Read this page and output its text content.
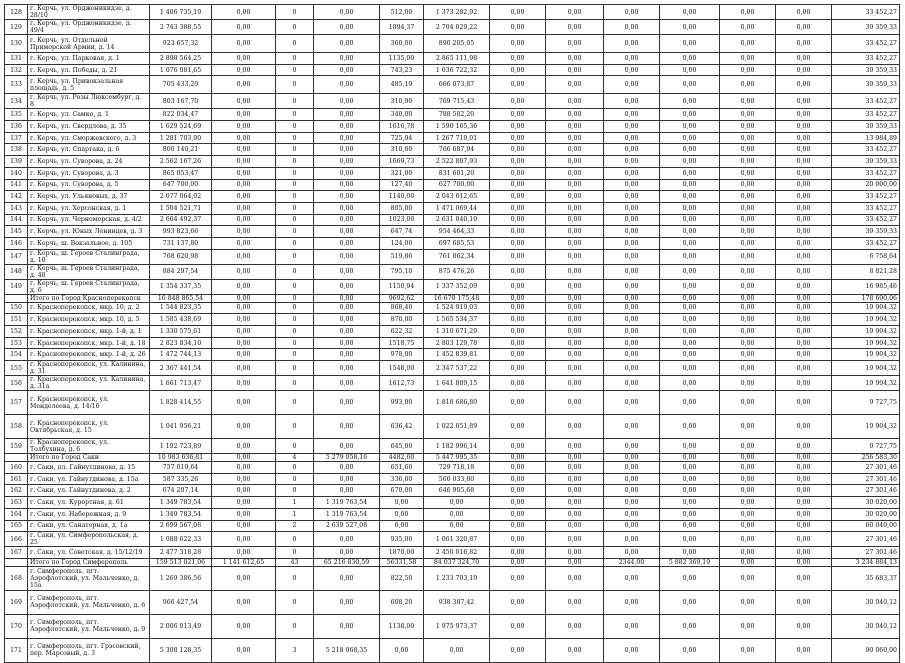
128	г. Керчь, ул. Орджоникидзе, д. 28/10	1 406 735,19	0,00	0	0,00	512,00	1 373 282,92	0,00	0,00	0,00	0,00	0,00	0,00	33 452,27
129	г. Керчь, ул. Орджоникидзе, д. 49/4	2 743 388,55	0,00	0	0,00	1894,37	2 704 029,22	0,00	0,00	0,00	0,00	0,00	0,00	39 359,33
130	г. Керчь, ул. Отдельной Приморской Армии, д. 14	923 657,32	0,00	0	0,00	360,00	890 205,05	0,00	0,00	0,00	0,00	0,00	0,00	33 452,27
131	г. Керчь, ул. Парковая, д. 1	2 898 564,25	0,00	0	0,00	1135,00	2 865 111,98	0,00	0,00	0,00	0,00	0,00	0,00	33 452,27
132	г. Керчь, ул. Победы, д. 21	1 076 081,65	0,00	0	0,00	743,23	1 036 722,32	0,00	0,00	0,00	0,00	0,00	0,00	39 359,33
133	г. Керчь, ул. Привокзальная площадь, д. 5	705 433,20	0,00	0	0,00	485,19	666 073,87	0,00	0,00	0,00	0,00	0,00	0,00	39 359,33
134	г. Керчь, ул. Розы Люксембург, д. 8	803 167,70	0,00	0	0,00	310,90	769 715,43	0,00	0,00	0,00	0,00	0,00	0,00	33 452,27
135	г. Керчь, ул. Самко, д. 1	822 034,47	0,00	0	0,00	340,00	788 582,20	0,00	0,00	0,00	0,00	0,00	0,00	33 452,27
136	г. Керчь, ул. Свердлова, д. 35	1 629 524,69	0,00	0	0,00	1616,78	1 590 165,36	0,00	0,00	0,00	0,00	0,00	0,00	39 359,33
137	г. Керчь, ул. Сморжевского, д. 3	1 281 703,90	0,00	0	0,00	725,94	1 267 719,01	0,00	0,00	0,00	0,00	0,00	0,00	13 984,89
138	г. Керчь, ул. Спартака, д. 6	800 140,21	0,00	0	0,00	310,00	766 687,94	0,00	0,00	0,00	0,00	0,00	0,00	33 452,27
139	г. Керчь, ул. Суворова, д. 24	2 562 167,26	0,00	0	0,00	1669,73	2 522 807,93	0,00	0,00	0,00	0,00	0,00	0,00	39 359,33
140	г. Керчь, ул. Суворова, д. 3	865 053,47	0,00	0	0,00	321,00	831 601,20	0,00	0,00	0,00	0,00	0,00	0,00	33 452,27
141	г. Керчь, ул. Суворова, д. 5	647 700,00	0,00	0	0,00	127,40	627 700,00	0,00	0,00	0,00	0,00	0,00	0,00	20 000,00
142	г. Керчь, ул. Ульяновых, д. 37	2 077 064,92	0,00	0	0,00	1140,00	2 043 612,65	0,00	0,00	0,00	0,00	0,00	0,00	33 452,27
143	г. Керчь, ул. Херсонская, д. 1	1 504 521,71	0,00	0	0,00	805,00	1 471 069,44	0,00	0,00	0,00	0,00	0,00	0,00	33 452,27
144	г. Керчь, ул. Черноморская, д. 4/2	2 664 492,37	0,00	0	0,00	1023,00	2 631 040,10	0,00	0,00	0,00	0,00	0,00	0,00	33 452,27
145	г. Керчь, ул. Юных Ленинцев, д. 3	993 823,66	0,00	0	0,00	647,74	954 464,33	0,00	0,00	0,00	0,00	0,00	0,00	39 359,33
146	г. Керчь, ш. Вокзальное, д. 105	731 137,80	0,00	0	0,00	124,00	697 685,53	0,00	0,00	0,00	0,00	0,00	0,00	33 452,27
147	г. Керчь, ш. Героев Сталинграда, д. 10	768 620,98	0,00	0	0,00	519,86	761 862,34	0,00	0,00	0,00	0,00	0,00	0,00	6 758,64
148	г. Керчь, ш. Героев Сталинграда, д. 48	884 297,54	0,00	0	0,00	795,10	875 476,26	0,00	0,00	0,00	0,00	0,00	0,00	8 821,28
149	г. Керчь, ш. Героев Сталинграда, д. 6	1 354 337,35	0,00	0	0,00	1150,94	1 337 352,09	0,00	0,00	0,00	0,00	0,00	0,00	16 985,46
	Итого по Город Красноперекопск	16 848 865,54	0,00	0	0,00	9692,62	16 670 175,48	0,00	0,00	0,00	0,00	0,00	0,00	178 690,06
150	г. Красноперекопск, мкр. 10, д. 2	1 544 823,35	0,00	0	0,00	868,40	1 524 919,03	0,00	0,00	0,00	0,00	0,00	0,00	19 904,32
151	г. Красноперекопск, мкр. 10, д. 5	1 585 438,69	0,00	0	0,00	870,00	1 565 534,37	0,00	0,00	0,00	0,00	0,00	0,00	19 904,32
152	г. Красноперекопск, мкр. 1-й, д. 1	1 330 575,61	0,00	0	0,00	622,32	1 310 671,29	0,00	0,00	0,00	0,00	0,00	0,00	19 904,32
153	г. Красноперекопск, мкр. 1-й, д. 18	2 823 034,10	0,00	0	0,00	1518,75	2 803 129,78	0,00	0,00	0,00	0,00	0,00	0,00	19 904,32
154	г. Красноперекопск, мкр. 1-й, д. 26	1 472 744,13	0,00	0	0,00	978,00	1 452 839,81	0,00	0,00	0,00	0,00	0,00	0,00	19 904,32
155	г. Красноперекопск, ул. Калинина, д. 31	2 367 441,54	0,00	0	0,00	1548,00	2 347 537,22	0,00	0,00	0,00	0,00	0,00	0,00	19 904,32
156	г. Красноперекопск, ул. Калинина, д. 31а	1 661 713,47	0,00	0	0,00	1612,73	1 641 809,15	0,00	0,00	0,00	0,00	0,00	0,00	19 904,32
157	г. Красноперекопск, ул. Менделеева, д. 14/16	1 828 414,55	0,00	0	0,00	993,00	1 818 686,80	0,00	0,00	0,00	0,00	0,00	0,00	9 727,75
158	г. Красноперекопск, ул. Октябрьская, д. 15	1 041 956,21	0,00	0	0,00	636,42	1 022 051,89	0,00	0,00	0,00	0,00	0,00	0,00	19 904,32
159	г. Красноперекопск, ул. Толбухина, д. 6	1 192 723,89	0,00	0	0,00	645,00	1 182 996,14	0,00	0,00	0,00	0,00	0,00	0,00	9 727,75
	Итого по Город Саки	10 983 636,81	0,00	4	5 279 058,16	4482,60	5 447 995,35	0,00	0,00	0,00	0,00	0,00	0,00	256 583,30
160	г. Саки, пл. Гайнутдинова, д. 15	757 019,64	0,00	0	0,00	651,60	729 718,18	0,00	0,00	0,00	0,00	0,00	0,00	27 301,46
161	г. Саки, ул. Гайнутдинова, д. 15а	587 335,26	0,00	0	0,00	336,00	560 033,80	0,00	0,00	0,00	0,00	0,00	0,00	27 301,46
162	г. Саки, ул. Гайнутдинова, д. 2	674 207,14	0,00	0	0,00	670,00	646 905,68	0,00	0,00	0,00	0,00	0,00	0,00	27 301,46
163	г. Саки, ул. Курортная, д. 61	1 349 783,54	0,00	1	1 319 763,54	0,00	0,00	0,00	0,00	0,00	0,00	0,00	0,00	30 020,00
164	г. Саки, ул. Набережная, д. 9	1 349 783,54	0,00	1	1 319 763,54	0,00	0,00	0,00	0,00	0,00	0,00	0,00	0,00	30 020,00
165	г. Саки, ул. Санаторная, д. 1а	2 699 567,08	0,00	2	2 639 527,08	0,00	0,00	0,00	0,00	0,00	0,00	0,00	0,00	60 040,00
166	г. Саки, ул. Симферопольская, д. 25	1 088 622,33	0,00	0	0,00	935,00	1 061 320,87	0,00	0,00	0,00	0,00	0,00	0,00	27 301,46
167	г. Саки, ул. Советская, д. 15/12/19	2 477 318,28	0,00	0	0,00	1870,00	2 450 016,82	0,00	0,00	0,00	0,00	0,00	0,00	27 301,46
	Итого по Город Симферополь	159 513 021,06	1 141 612,65	43	65 216 830,59	56331,58	84 037 324,70	0,00	0,00	2344,00	5 882 369,19	0,00	0,00	3 234 884,13
168	г. Симферополь, пгт. Аэрофлотский, ул. Мальченко, д. 15а	1 269 386,56	0,00	0	0,00	822,50	1 233 703,19	0,00	0,00	0,00	0,00	0,00	0,00	35 683,37
169	г. Симферополь, пгт. Аэрофлотский, ул. Мальченко, д. 6	966 427,54	0,00	0	0,00	608,20	938 387,42	0,00	0,00	0,00	0,00	0,00	0,00	30 040,12
170	г. Симферополь, пгт. Аэрофлотский, ул. Мальченко, д. 9	2 006 013,49	0,00	0	0,00	1138,00	1 975 973,37	0,00	0,00	0,00	0,00	0,00	0,00	30 040,12
171	г. Симферополь, пгт. Грэсовский, пер. Марсовый, д. 3	5 308 128,35	0,00	3	5 218 068,35	0,00	0,00	0,00	0,00	0,00	0,00	0,00	0,00	90 060,00
